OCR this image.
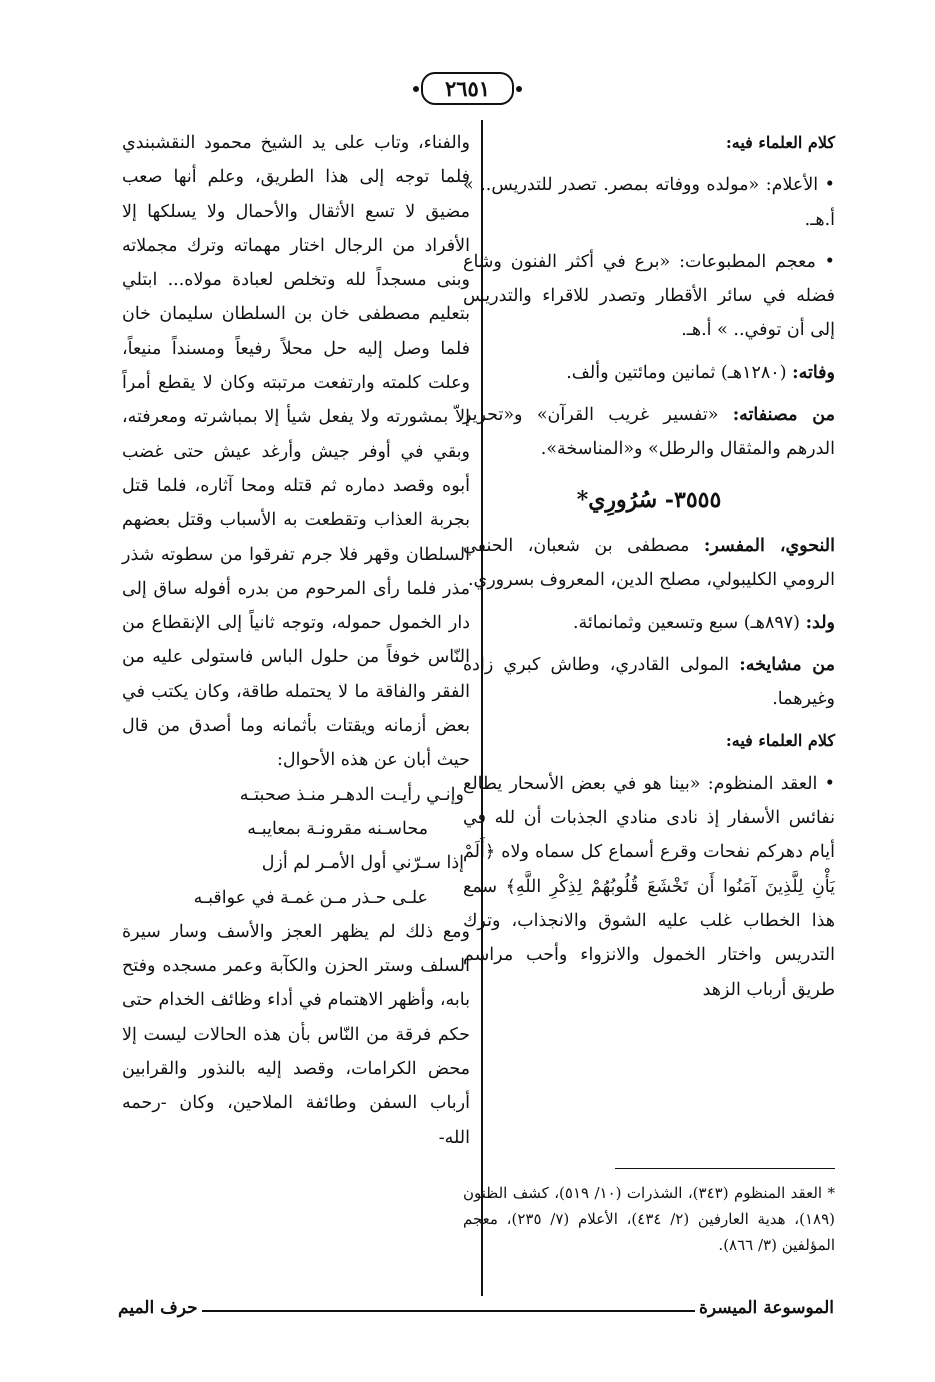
٢٦٥١

كلام العلماء فيه:

• الأعلام: «مولده ووفاته بمصر. تصدر للتدريس.. » أ.هـ.

• معجم المطبوعات: «برع في أكثر الفنون وشاع فضله في سائر الأقطار وتصدر للاقراء والتدريس إلى أن توفي.. » أ.هـ.

وفاته: (١٢٨٠هـ) ثمانين ومائتين وألف.

من مصنفاته: «تفسير غريب القرآن» و«تحرير الدرهم والمثقال والرطل» و«المناسخة».

٣٥٥٥- سُرُورِي*

النحوي، المفسر: مصطفى بن شعبان، الحنفي الرومي الكليبولي، مصلح الدين، المعروف بسروري.

ولد: (٨٩٧هـ) سبع وتسعين وثمانمائة.

من مشايخه: المولى القادري، وطاش كبري زاده وغيرهما.

كلام العلماء فيه:

• العقد المنظوم: «بينا هو في بعض الأسحار يطالع نفائس الأسفار إذ نادى منادي الجذبات أن لله في أيام دهركم نفحات وقرع أسماع كل سماه ولاه ﴿أَلَمْ يَأْنِ لِلَّذِينَ آمَنُوا أَن تَخْشَعَ قُلُوبُهُمْ لِذِكْرِ اللَّهِ﴾ سمع هذا الخطاب غلب عليه الشوق والانجذاب، وترك التدريس واختار الخمول والانزواء وأحب مراسم طريق أرباب الزهد

والفناء، وتاب على يد الشيخ محمود النقشبندي فلما توجه إلى هذا الطريق، وعلم أنها صعب مضيق لا تسع الأثقال والأحمال ولا يسلكها إلا الأفراد من الرجال اختار مهماته وترك مجملاته وبنى مسجداً لله وتخلص لعبادة مولاه... ابتلي بتعليم مصطفى خان بن السلطان سليمان خان فلما وصل إليه حل محلاً رفيعاً ومسنداً منيعاً، وعلت كلمته وارتفعت مرتبته وكان لا يقطع أمراً إلاّ بمشورته ولا يفعل شيأ إلا بمباشرته ومعرفته، وبقي في أوفر جيش وأرغد عيش حتى غضب أبوه وقصد دماره ثم قتله ومحا آثاره، فلما قتل بجربة العذاب وتقطعت به الأسباب وقتل بعضهم السلطان وقهر فلا جرم تفرقوا من سطوته شذر مذر فلما رأى المرحوم من بدره أفوله ساق إلى دار الخمول حموله، وتوجه ثانياً إلى الإنقطاع من النّاس خوفاً من حلول الباس فاستولى عليه من الفقر والفاقة ما لا يحتمله طاقة، وكان يكتب في بعض أزمانه ويقتات بأثمانه وما أصدق من قال حيث أبان عن هذه الأحوال:

وإنـي رأيـت الدهـر منـذ صحبتـه
محاسـنه مقرونـة بمعايبـه
إذا سـرّني أول الأمـر لم أزل
علـى حـذر مـن غمـة في عواقبـه

ومع ذلك لم يظهر العجز والأسف وسار سيرة السلف وستر الحزن والكآبة وعمر مسجده وفتح بابه، وأظهر الاهتمام في أداء وظائف الخدام حتى حكم فرقة من النّاس بأن هذه الحالات ليست إلا محض الكرامات، وقصد إليه بالنذور والقرابين أرباب السفن وطائفة الملاحين، وكان -رحمه الله-

* العقد المنظوم (٣٤٣)، الشذرات (١٠/ ٥١٩)، كشف الظنون (١٨٩)، هدية العارفين (٢/ ٤٣٤)، الأعلام (٧/ ٢٣٥)، معجم المؤلفين (٣/ ٨٦٦).

الموسوعة الميسرة
حرف الميم
